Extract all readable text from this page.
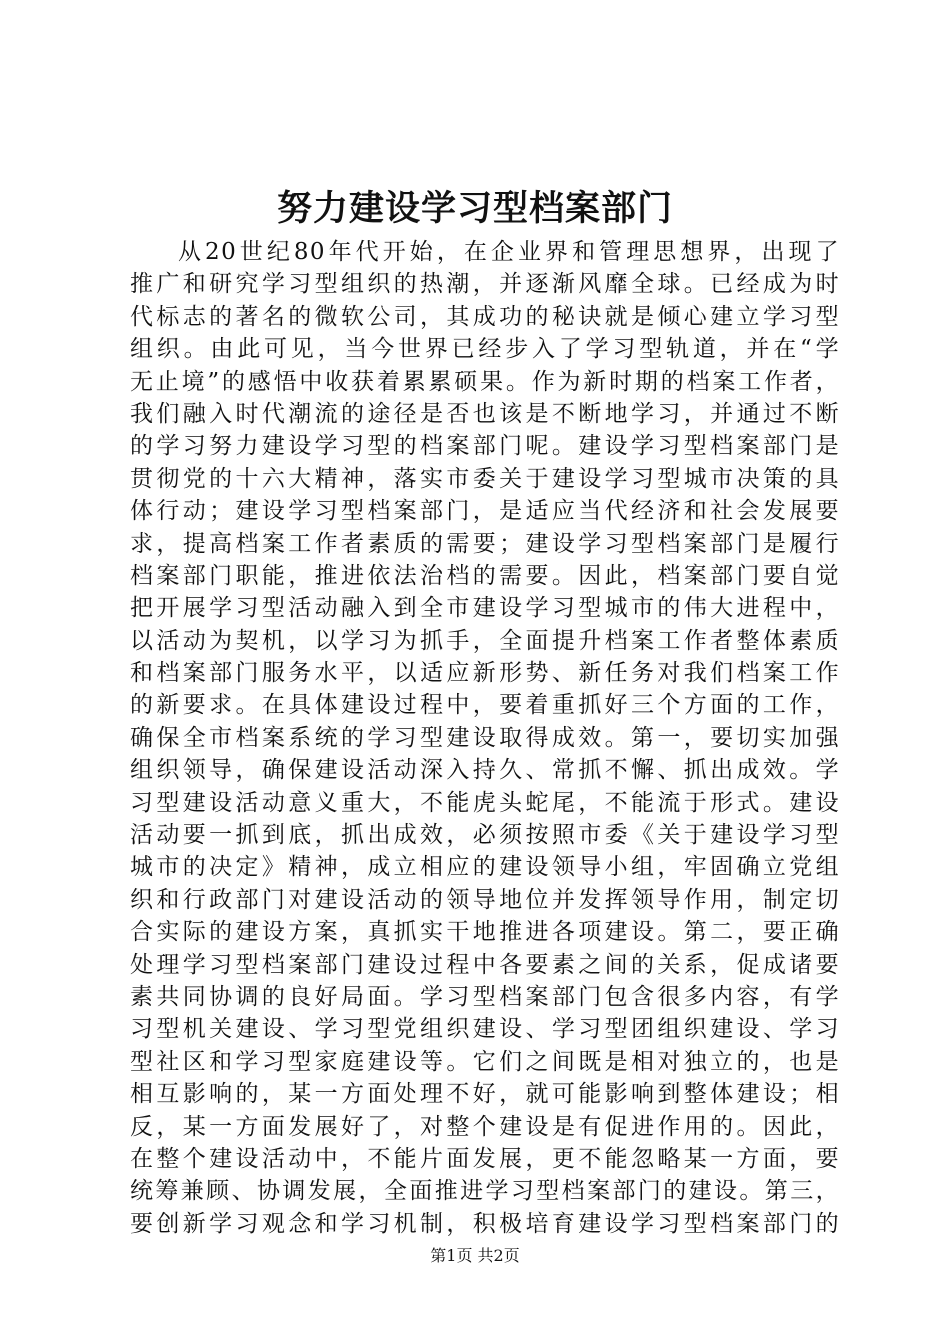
努力建设学习型档案部门
从20世纪80年代开始，在企业界和管理思想界，出现了
推广和研究学习型组织的热潮，并逐渐风靡全球。已经成为时
代标志的著名的微软公司，其成功的秘诀就是倾心建立学习型
组织。由此可见，当今世界已经步入了学习型轨道，并在“学
无止境”的感悟中收获着累累硕果。作为新时期的档案工作者，
我们融入时代潮流的途径是否也该是不断地学习，并通过不断
的学习努力建设学习型的档案部门呢。建设学习型档案部门是
贯彻党的十六大精神，落实市委关于建设学习型城市决策的具
体行动；建设学习型档案部门，是适应当代经济和社会发展要
求，提高档案工作者素质的需要；建设学习型档案部门是履行
档案部门职能，推进依法治档的需要。因此，档案部门要自觉
把开展学习型活动融入到全市建设学习型城市的伟大进程中，
以活动为契机，以学习为抓手，全面提升档案工作者整体素质
和档案部门服务水平，以适应新形势、新任务对我们档案工作
的新要求。在具体建设过程中，要着重抓好三个方面的工作，
确保全市档案系统的学习型建设取得成效。第一，要切实加强
组织领导，确保建设活动深入持久、常抓不懈、抓出成效。学
习型建设活动意义重大，不能虎头蛇尾，不能流于形式。建设
活动要一抓到底，抓出成效，必须按照市委《关于建设学习型
城市的决定》精神，成立相应的建设领导小组，牢固确立党组
织和行政部门对建设活动的领导地位并发挥领导作用，制定切
合实际的建设方案，真抓实干地推进各项建设。第二，要正确
处理学习型档案部门建设过程中各要素之间的关系，促成诸要
素共同协调的良好局面。学习型档案部门包含很多内容，有学
习型机关建设、学习型党组织建设、学习型团组织建设、学习
型社区和学习型家庭建设等。它们之间既是相对独立的，也是
相互影响的，某一方面处理不好，就可能影响到整体建设；相
反，某一方面发展好了，对整个建设是有促进作用的。因此，
在整个建设活动中，不能片面发展，更不能忽略某一方面，要
统筹兼顾、协调发展，全面推进学习型档案部门的建设。第三，
要创新学习观念和学习机制，积极培育建设学习型档案部门的
第1页 共2页
